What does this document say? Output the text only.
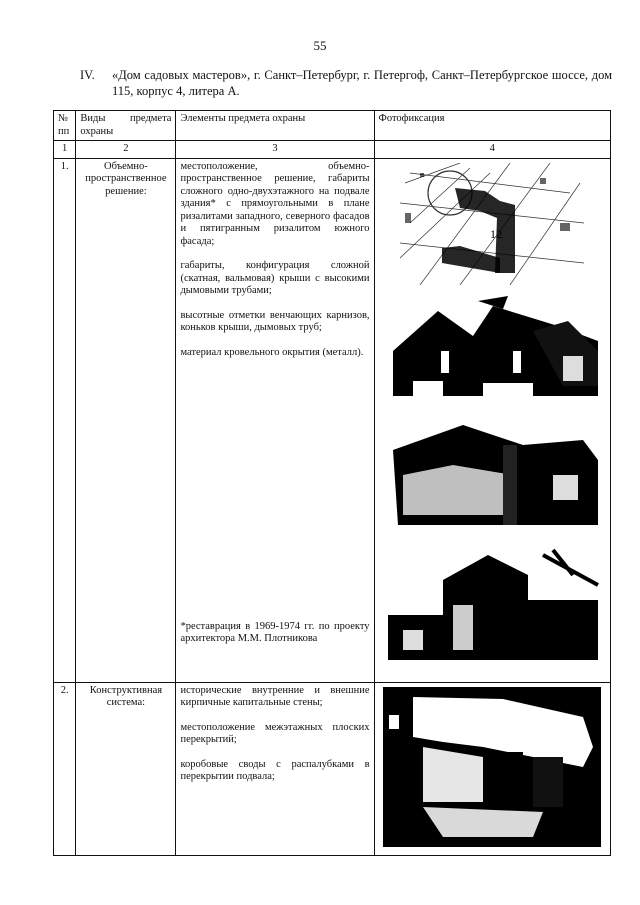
55
IV. «Дом садовых мастеров», г. Санкт–Петербург, г. Петергоф, Санкт–Петербургское шоссе, дом 115, корпус 4, литера А.
№ пп	Виды предмета охраны	Элементы предмета охраны	Фотофиксация
1	2	3	4
1.	Объемно-пространственное решение:	местоположение, объемно-пространственное решение, габариты сложного одно-двухэтажного на подвале здания* с прямоугольными в плане ризалитами западного, северного фасадов и пятигранным ризалитом южного фасада;

габариты, конфигурация сложной (скатная, вальмовая) крыши с высокими дымовыми трубами;

высотные отметки венчающих карнизов, коньков крыши, дымовых труб;

материал кровельного окрытия (металл).

*реставрация в 1969-1974 гг. по проекту архитектора М.М. Плотникова	12

2.	Конструктивная система:	исторические внутренние и внешние кирпичные капитальные стены;

местоположение межэтажных плоских перекрытий;

коробовые своды с распалубками в перекрытии подвала;
